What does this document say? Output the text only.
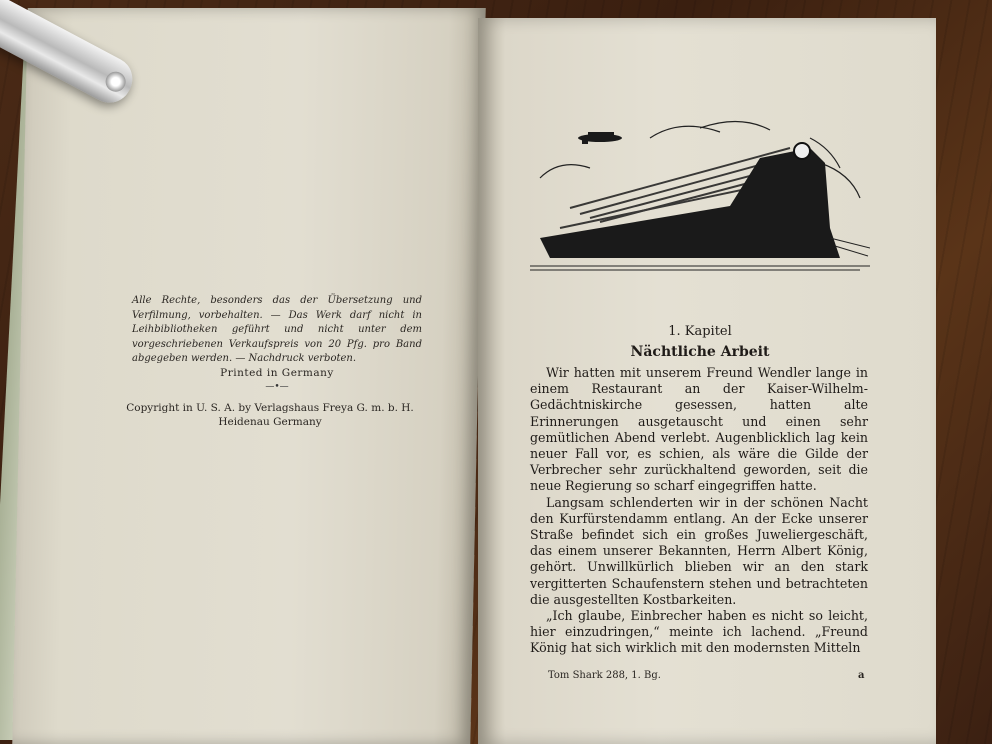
Alle Rechte, besonders das der Übersetzung und Verfilmung, vorbehalten. — Das Werk darf nicht in Leihbibliotheken geführt und nicht unter dem vorgeschriebenen Verkaufspreis von 20 Pfg. pro Band abgegeben werden. — Nachdruck verboten.

Printed in Germany
—•—
Copyright in U. S. A. by Verlagshaus Freya G. m. b. H.
Heidenau Germany
1. Kapitel
Nächtliche Arbeit

Wir hatten mit unserem Freund Wendler lange in einem Restaurant an der Kaiser-Wilhelm-Gedächtniskirche gesessen, hatten alte Erinnerungen ausgetauscht und einen sehr gemütlichen Abend verlebt. Augenblicklich lag kein neuer Fall vor, es schien, als wäre die Gilde der Verbrecher sehr zurückhaltend geworden, seit die neue Regierung so scharf eingegriffen hatte.

Langsam schlenderten wir in der schönen Nacht den Kurfürstendamm entlang. An der Ecke unserer Straße befindet sich ein großes Juweliergeschäft, das einem unserer Bekannten, Herrn Albert König, gehört. Unwillkürlich blieben wir an den stark vergitterten Schaufenstern stehen und betrachteten die ausgestellten Kostbarkeiten.

„Ich glaube, Einbrecher haben es nicht so leicht, hier einzudringen,“ meinte ich lachend. „Freund König hat sich wirklich mit den modernsten Mitteln

Tom Shark 288, 1. Bg.	a
